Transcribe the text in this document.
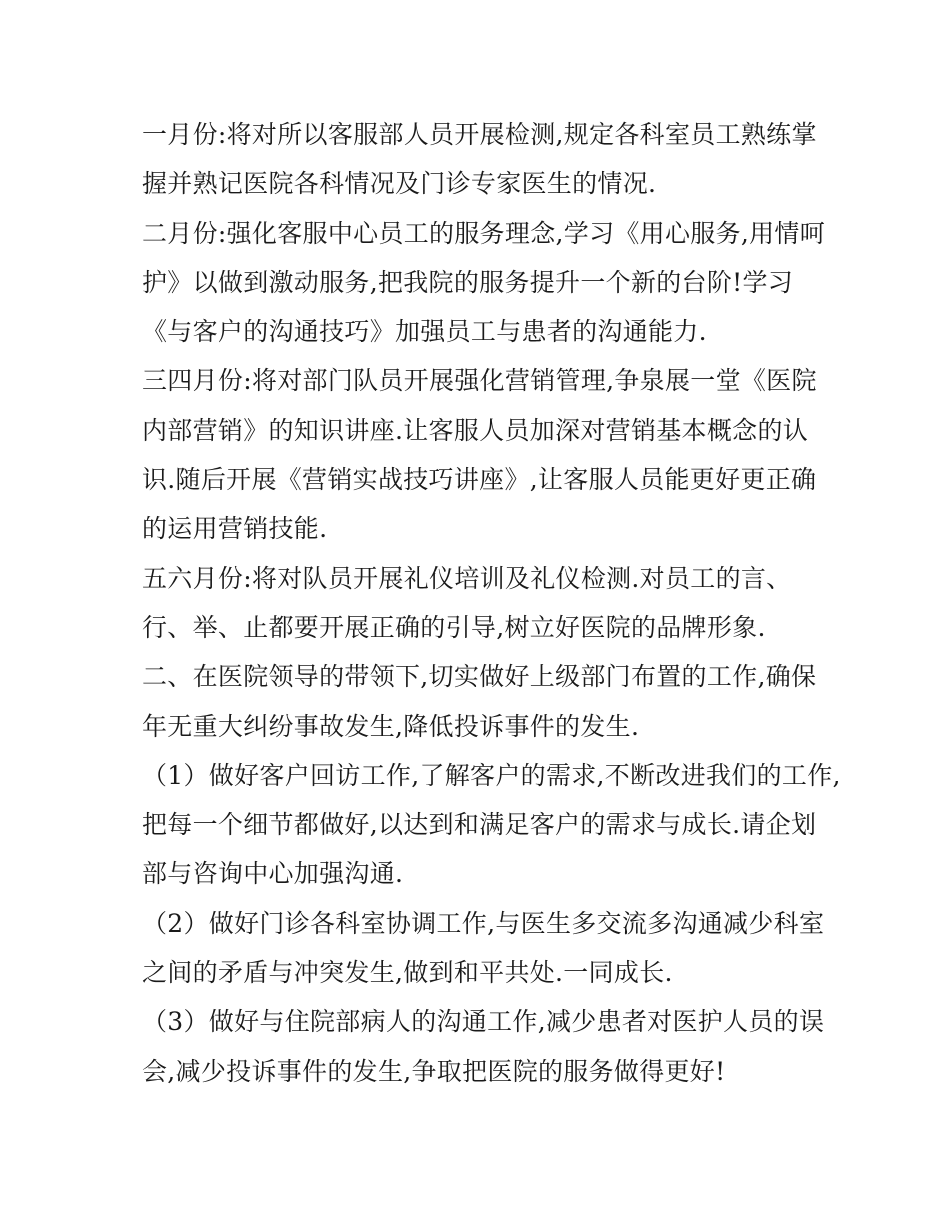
一月份:将对所以客服部人员开展检测,规定各科室员工熟练掌
握并熟记医院各科情况及门诊专家医生的情况.
二月份:强化客服中心员工的服务理念,学习《用心服务,用情呵
护》以做到激动服务,把我院的服务提升一个新的台阶!学习
《与客户的沟通技巧》加强员工与患者的沟通能力.
三四月份:将对部门队员开展强化营销管理,争泉展一堂《医院
内部营销》的知识讲座.让客服人员加深对营销基本概念的认
识.随后开展《营销实战技巧讲座》,让客服人员能更好更正确
的运用营销技能.
五六月份:将对队员开展礼仪培训及礼仪检测.对员工的言、
行、举、止都要开展正确的引导,树立好医院的品牌形象.
二、在医院领导的带领下,切实做好上级部门布置的工作,确保
年无重大纠纷事故发生,降低投诉事件的发生.
（1）做好客户回访工作,了解客户的需求,不断改进我们的工作,
把每一个细节都做好,以达到和满足客户的需求与成长.请企划
部与咨询中心加强沟通.
（2）做好门诊各科室协调工作,与医生多交流多沟通减少科室
之间的矛盾与冲突发生,做到和平共处.一同成长.
（3）做好与住院部病人的沟通工作,减少患者对医护人员的误
会,减少投诉事件的发生,争取把医院的服务做得更好!
